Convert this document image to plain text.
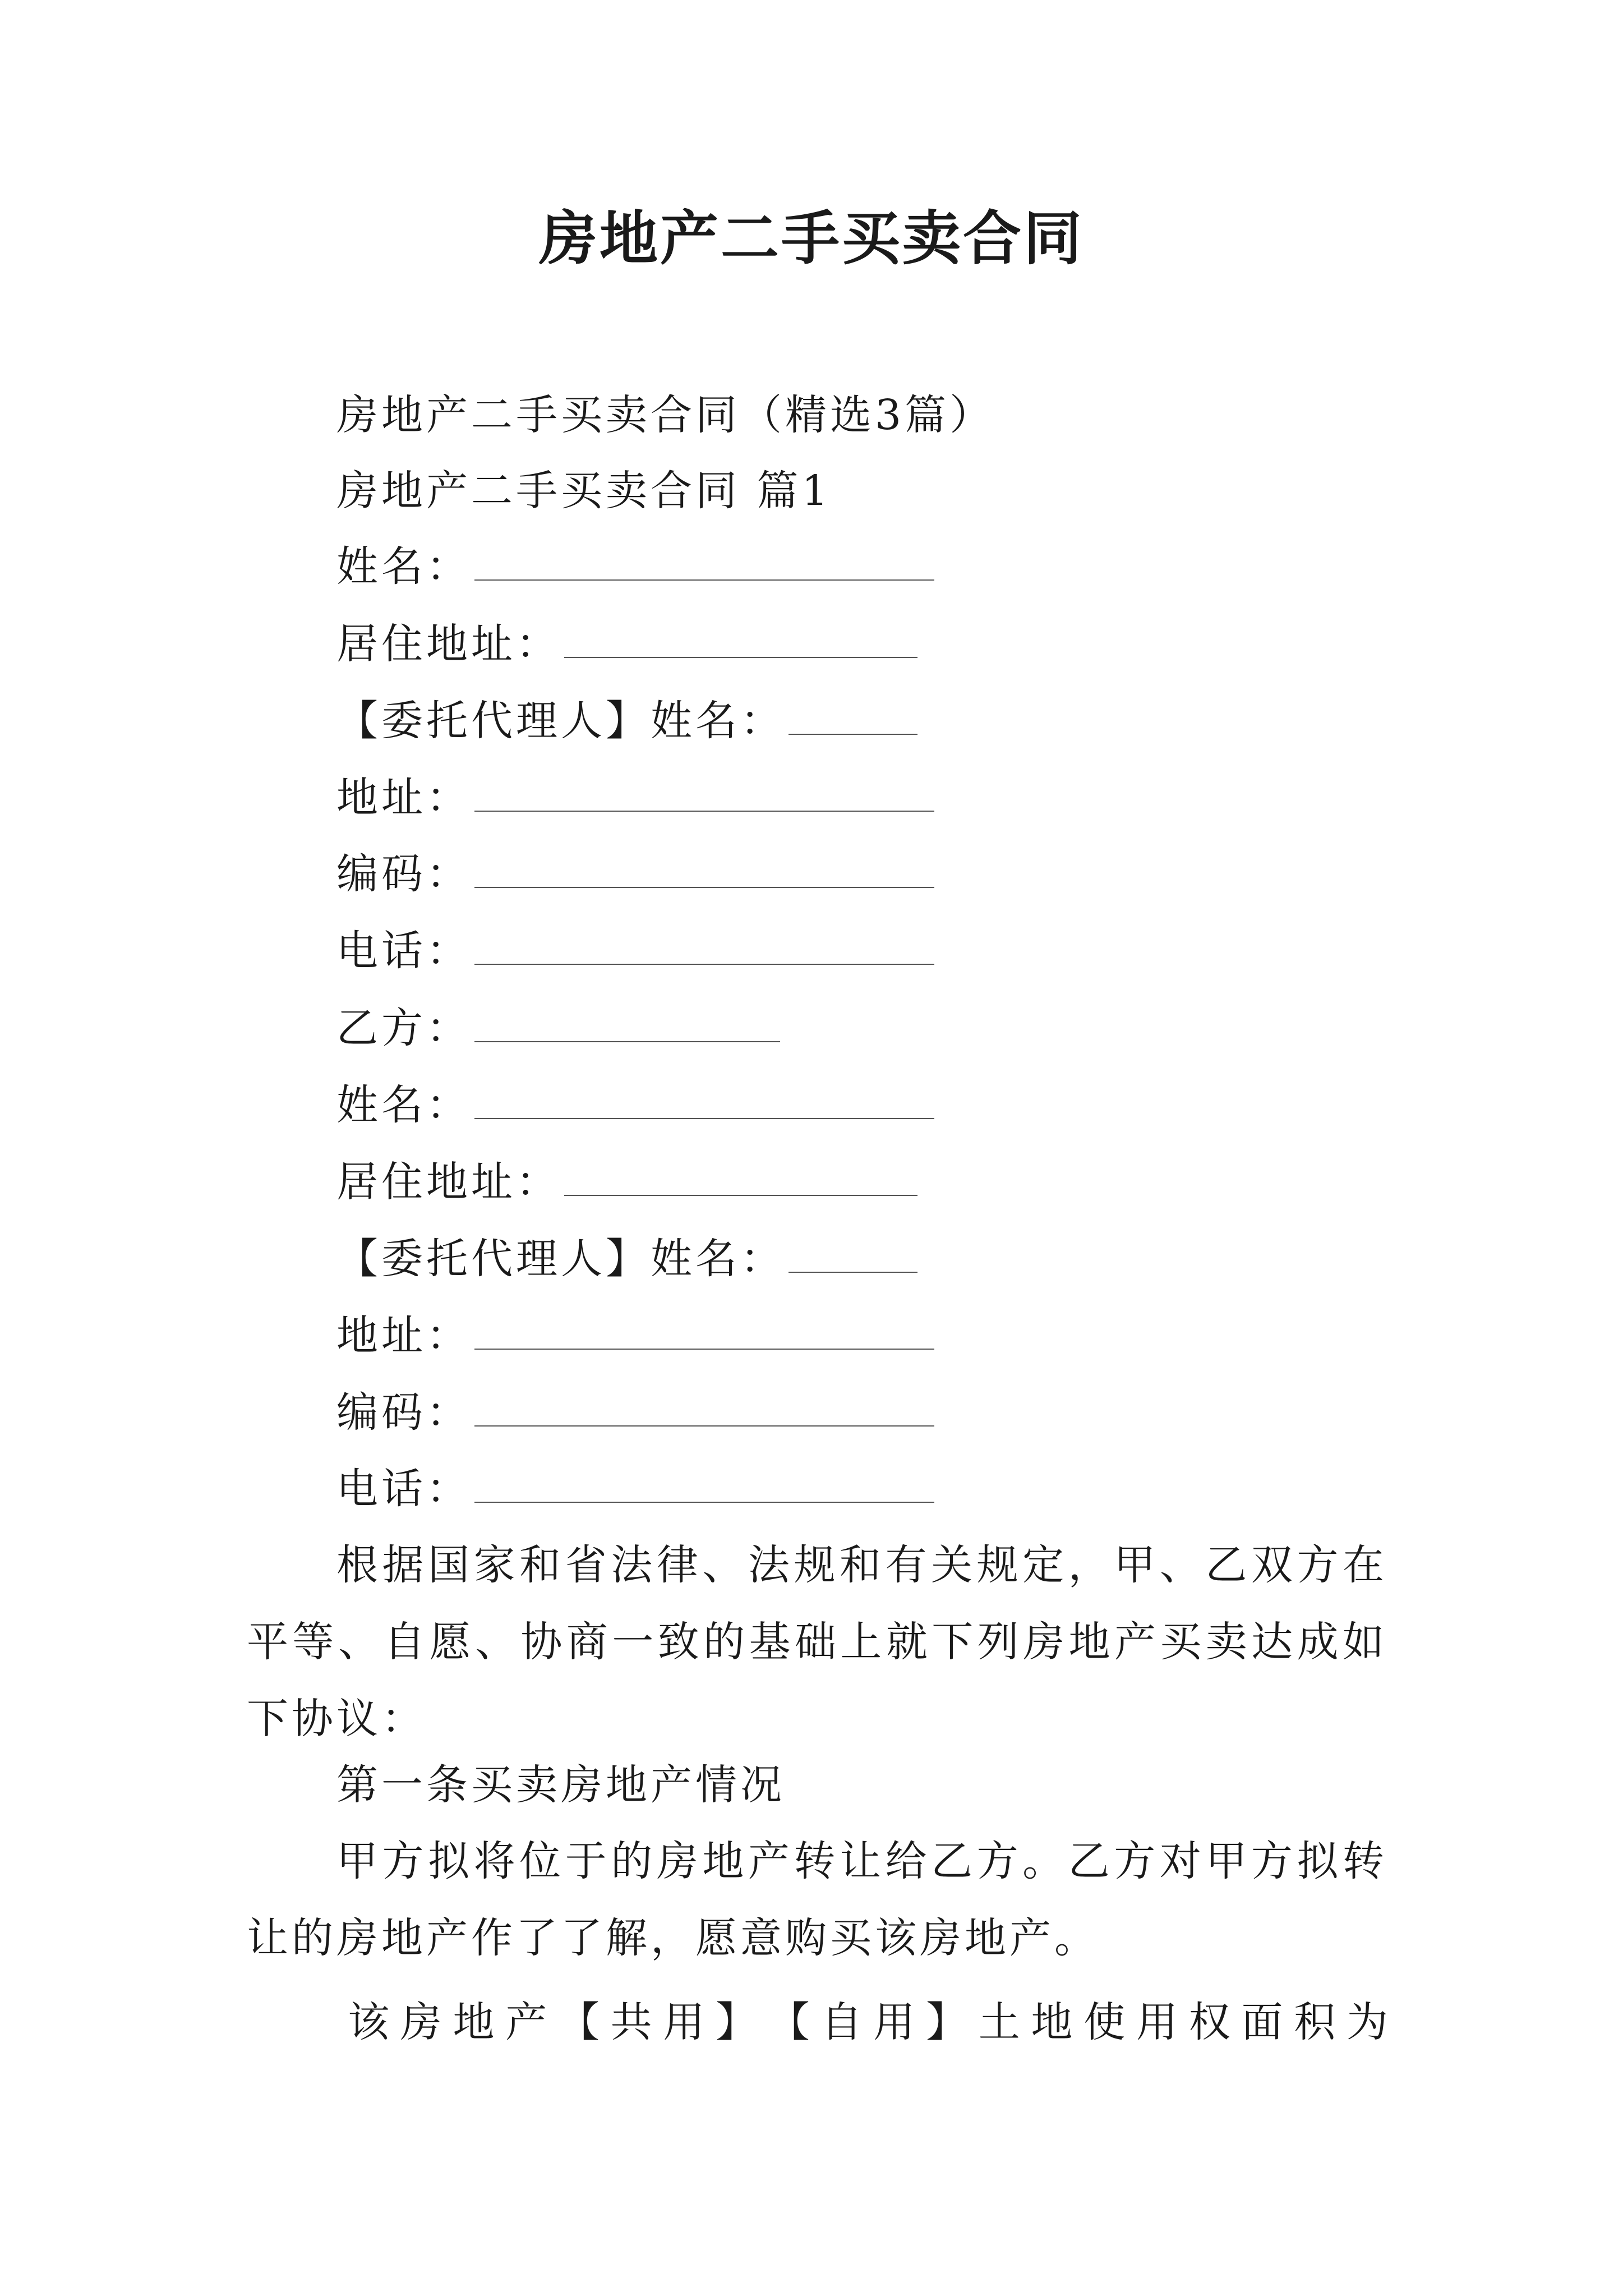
房地产二手买卖合同
房地产二手买卖合同（精选3篇）
房地产二手买卖合同 篇1
姓名：
居住地址：
【委托代理人】姓名：
地址：
编码：
电话：
乙方：
姓名：
居住地址：
【委托代理人】姓名：
地址：
编码：
电话：
根据国家和省法律、法规和有关规定，甲、乙双方在平等、自愿、协商一致的基础上就下列房地产买卖达成如下协议：
第一条买卖房地产情况
甲方拟将位于的房地产转让给乙方。乙方对甲方拟转让的房地产作了了解，愿意购买该房地产。
该 房 地 产 【 共 用 】 【 自 用 】 土 地 使 用 权 面 积 为
